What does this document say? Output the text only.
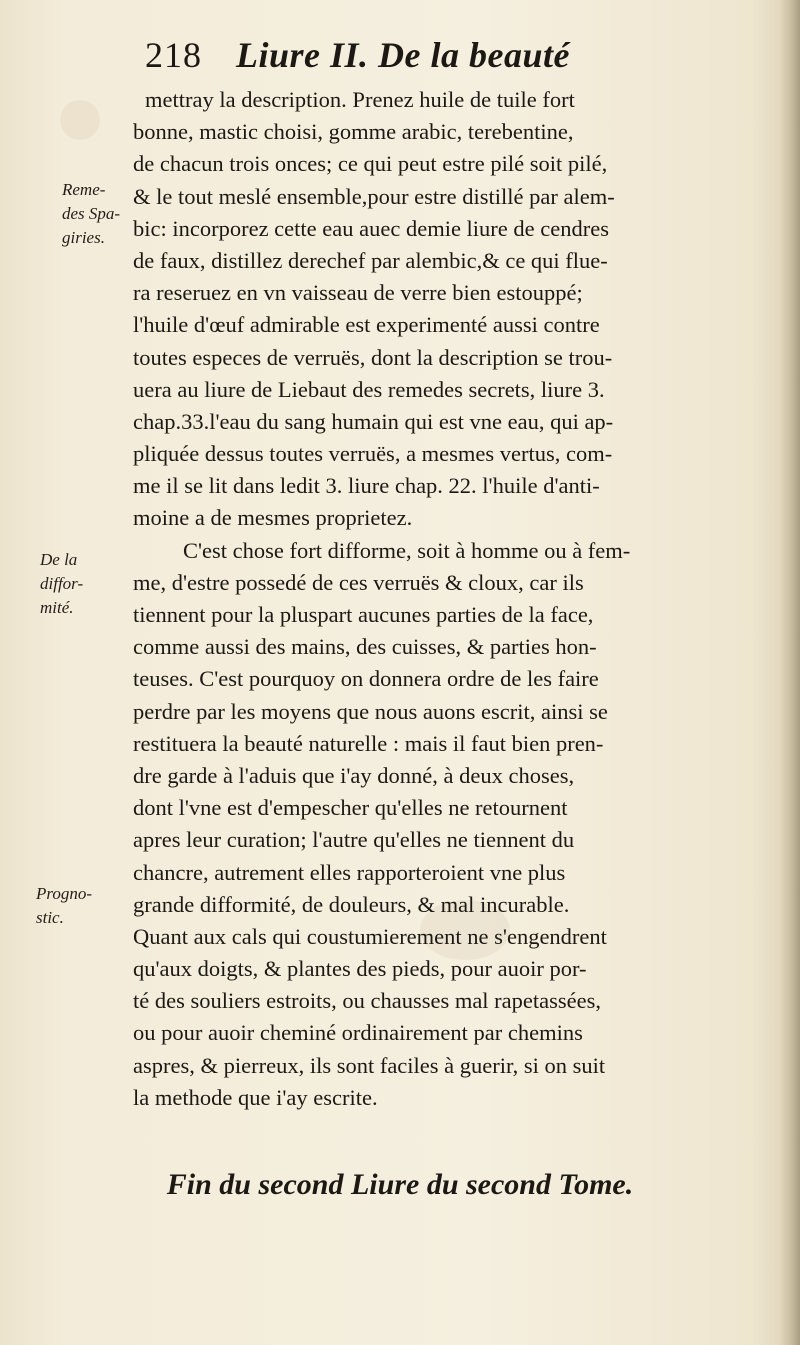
218 Liure II. De la beauté
Reme-
des Spa-
giries.
De la
diffor-
mité.
Progno-
stic.
mettray la description. Prenez huile de tuile fort
bonne, mastic choisi, gomme arabic, terebentine,
de chacun trois onces; ce qui peut estre pilé soit pilé,
& le tout meslé ensemble,pour estre distillé par alem-
bic: incorporez cette eau auec demie liure de cendres
de faux, distillez derechef par alembic,& ce qui flue-
ra reseruez en vn vaisseau de verre bien estouppé;
l'huile d'œuf admirable est experimenté aussi contre
toutes especes de verruës, dont la description se trou-
uera au liure de Liebaut des remedes secrets, liure 3.
chap.33.l'eau du sang humain qui est vne eau, qui ap-
pliquée dessus toutes verruës, a mesmes vertus, com-
me il se lit dans ledit 3. liure chap. 22. l'huile d'anti-
moine a de mesmes proprietez.
C'est chose fort difforme, soit à homme ou à fem-
me, d'estre possedé de ces verruës & cloux, car ils
tiennent pour la pluspart aucunes parties de la face,
comme aussi des mains, des cuisses, & parties hon-
teuses. C'est pourquoy on donnera ordre de les faire
perdre par les moyens que nous auons escrit, ainsi se
restituera la beauté naturelle : mais il faut bien pren-
dre garde à l'aduis que i'ay donné, à deux choses,
dont l'vne est d'empescher qu'elles ne retournent
apres leur curation; l'autre qu'elles ne tiennent du
chancre, autrement elles rapporteroient vne plus
grande difformité, de douleurs, & mal incurable.
Quant aux cals qui coustumierement ne s'engendrent
qu'aux doigts, & plantes des pieds, pour auoir por-
té des souliers estroits, ou chausses mal rapetassées,
ou pour auoir cheminé ordinairement par chemins
aspres, & pierreux, ils sont faciles à guerir, si on suit
la methode que i'ay escrite.
Fin du second Liure du second Tome.
